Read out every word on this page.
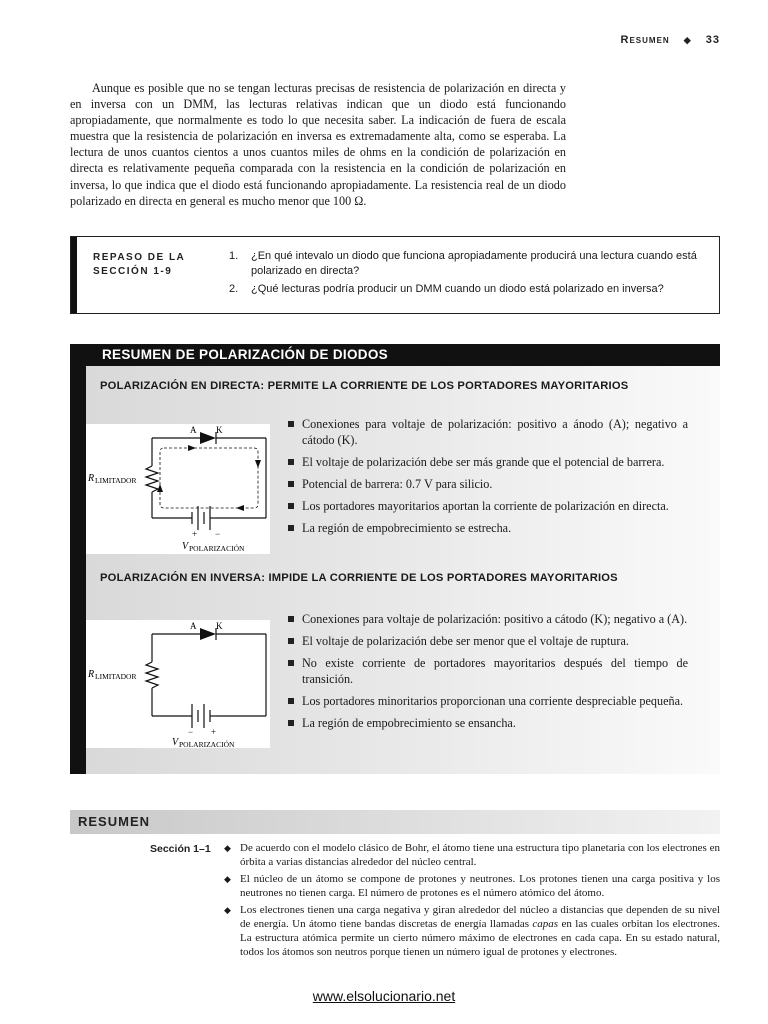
Resumen ◆ 33

Aunque es posible que no se tengan lecturas precisas de resistencia de polarización en directa y en inversa con un DMM, las lecturas relativas indican que un diodo está funcionando apropiadamente, que normalmente es todo lo que necesita saber. La indicación de fuera de escala muestra que la resistencia de polarización en inversa es extremadamente alta, como se esperaba. La lectura de unos cuantos cientos a unos cuantos miles de ohms en la condición de polarización en directa es relativamente pequeña comparada con la resistencia en la condición de polarización en inversa, lo que indica que el diodo está funcionando apropiadamente. La resistencia real de un diodo polarizado en directa en general es mucho menor que 100 Ω.

REPASO DE LA
SECCIÓN 1-9
1. ¿En qué intevalo un diodo que funciona apropiadamente producirá una lectura cuando está polarizado en directa?
2. ¿Qué lecturas podría producir un DMM cuando un diodo está polarizado en inversa?
RESUMEN DE POLARIZACIÓN DE DIODOS
POLARIZACIÓN EN DIRECTA: PERMITE LA CORRIENTE DE LOS PORTADORES MAYORITARIOS
A K
R LIMITADOR
+ −
V POLARIZACIÓN
Conexiones para voltaje de polarización: positivo a ánodo (A); negativo a cátodo (K).
El voltaje de polarización debe ser más grande que el potencial de barrera.
Potencial de barrera: 0.7 V para silicio.
Los portadores mayoritarios aportan la corriente de polarización en directa.
La región de empobrecimiento se estrecha.
POLARIZACIÓN EN INVERSA: IMPIDE LA CORRIENTE DE LOS PORTADORES MAYORITARIOS
A K
R LIMITADOR
− +
V POLARIZACIÓN
Conexiones para voltaje de polarización: positivo a cátodo (K); negativo a (A).
El voltaje de polarización debe ser menor que el voltaje de ruptura.
No existe corriente de portadores mayoritarios después del tiempo de transición.
Los portadores minoritarios proporcionan una corriente despreciable pequeña.
La región de empobrecimiento se ensancha.
RESUMEN
Sección 1–1 ◆ De acuerdo con el modelo clásico de Bohr, el átomo tiene una estructura tipo planetaria con los electrones en órbita a varias distancias alrededor del núcleo central.
◆ El núcleo de un átomo se compone de protones y neutrones. Los protones tienen una carga positiva y los neutrones no tienen carga. El número de protones es el número atómico del átomo.
◆ Los electrones tienen una carga negativa y giran alrededor del núcleo a distancias que dependen de su nivel de energía. Un átomo tiene bandas discretas de energía llamadas capas en las cuales orbitan los electrones. La estructura atómica permite un cierto número máximo de electrones en cada capa. En su estado natural, todos los átomos son neutros porque tienen un número igual de protones y electrones.
www.elsolucionario.net
